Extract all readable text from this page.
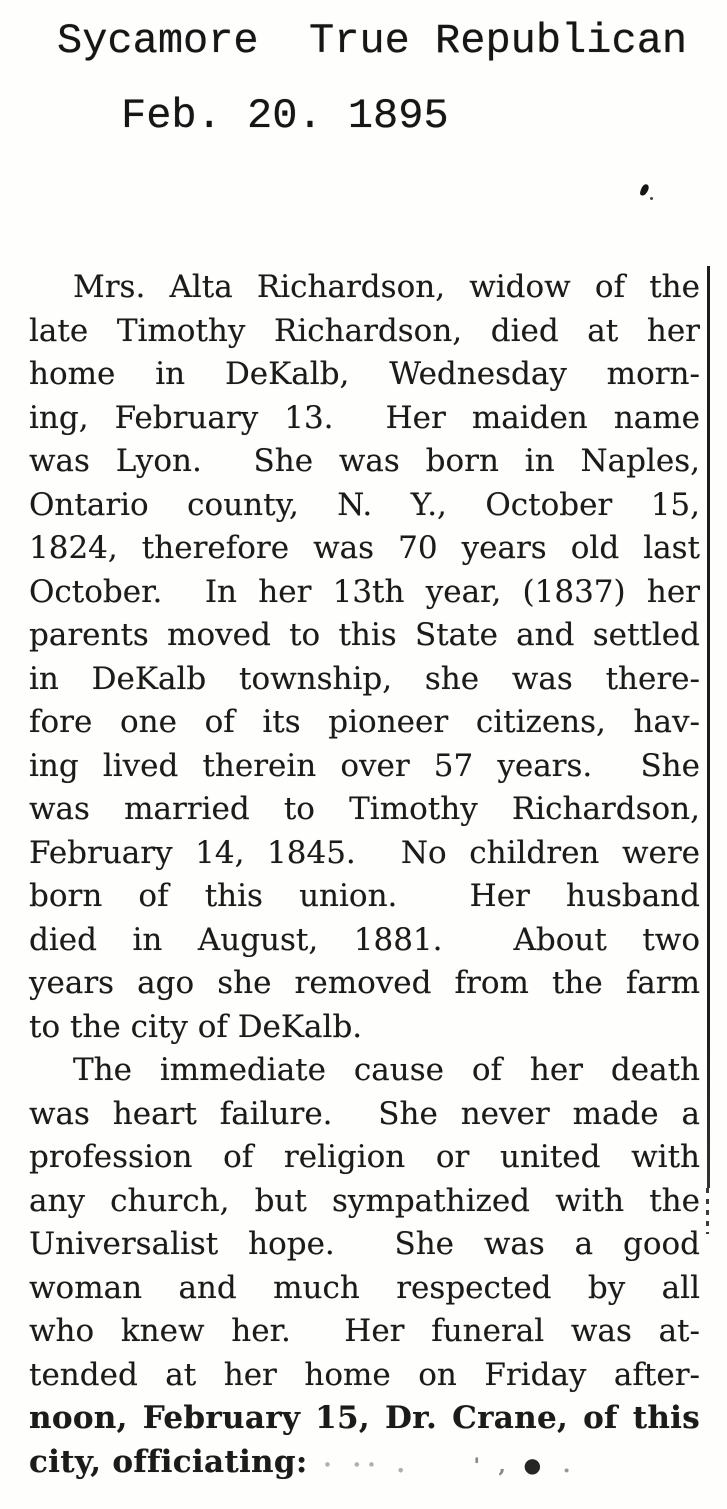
Sycamore  True Republican
Feb. 20. 1895
Mrs. Alta Richardson, widow of the
late Timothy Richardson, died at her
home in DeKalb, Wednesday morn-
ing, February 13.  Her maiden name
was Lyon.  She was born in Naples,
Ontario county, N. Y., October 15,
1824, therefore was 70 years old last
October.  In her 13th year, (1837) her
parents moved to this State and settled
in DeKalb township, she was there-
fore one of its pioneer citizens, hav-
ing lived therein over 57 years.  She
was married to Timothy Richardson,
February 14, 1845.  No children were
born of this union.  Her husband
died in August, 1881.  About two
years ago she removed from the farm
to the city of DeKalb.
The immediate cause of her death
was heart failure.  She never made a
profession of religion or united with
any church, but sympathized with the
Universalist hope.  She was a good
woman and much respected by all
who knew her.  Her funeral was at-
tended at her home on Friday after-
noon, February 15, Dr. Crane, of this
city, officiating: · ·· .	' , ● .
